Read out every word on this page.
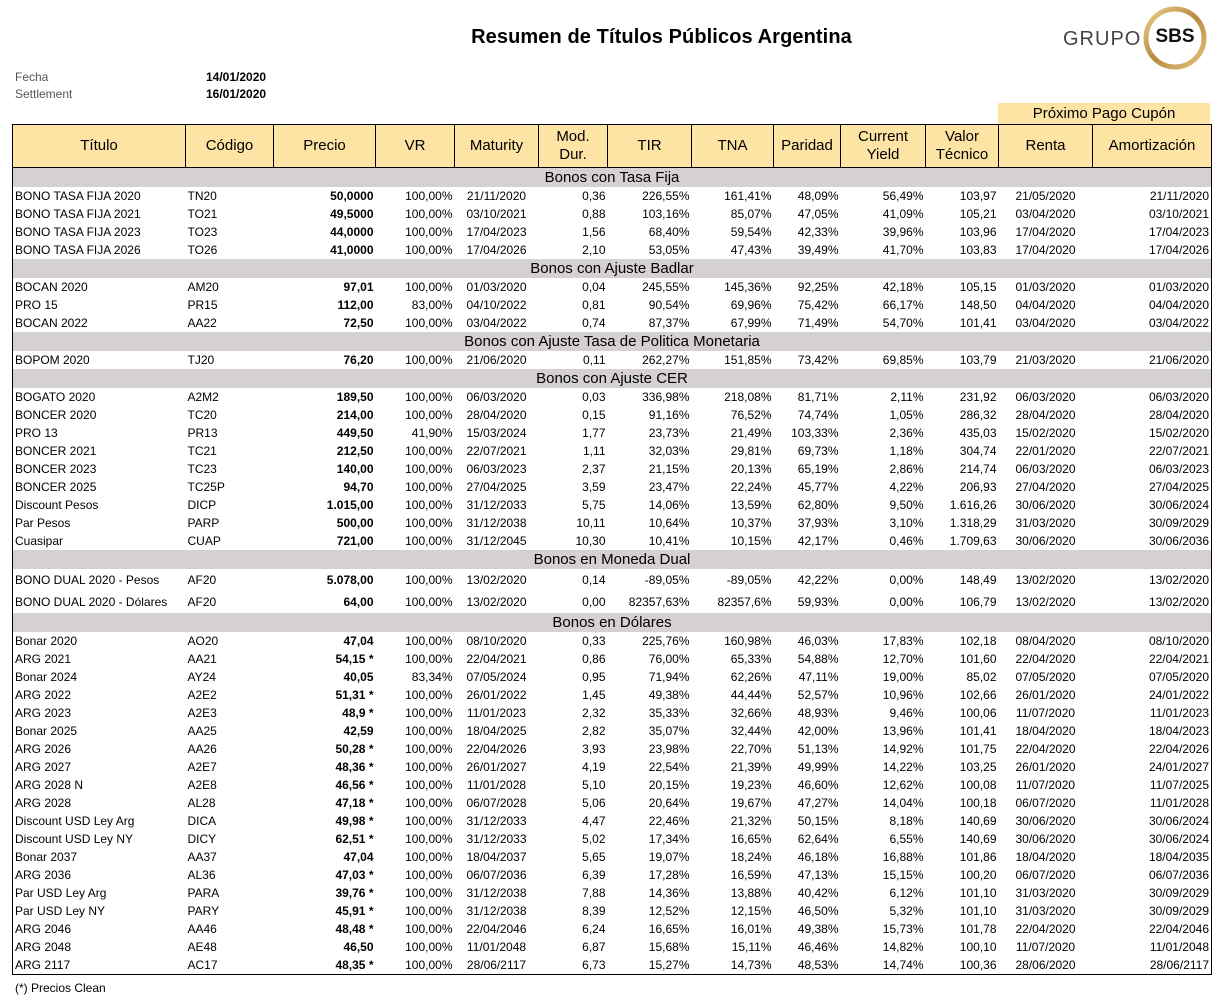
Resumen de Títulos Públicos Argentina	GRUPO SBS
Fecha	14/01/2020
Settlement	16/01/2020
Próximo Pago Cupón
Título	Código	Precio	VR	Maturity	Mod. Dur.	TIR	TNA	Paridad	Current Yield	Valor Técnico	Renta	Amortización
Bonos con Tasa Fija												
BONO TASA FIJA 2020	TN20	50,0000	100,00%	21/11/2020	0,36	226,55%	161,41%	48,09%	56,49%	103,97	21/05/2020	21/11/2020
BONO TASA FIJA 2021	TO21	49,5000	100,00%	03/10/2021	0,88	103,16%	85,07%	47,05%	41,09%	105,21	03/04/2020	03/10/2021
BONO TASA FIJA 2023	TO23	44,0000	100,00%	17/04/2023	1,56	68,40%	59,54%	42,33%	39,96%	103,96	17/04/2020	17/04/2023
BONO TASA FIJA 2026	TO26	41,0000	100,00%	17/04/2026	2,10	53,05%	47,43%	39,49%	41,70%	103,83	17/04/2020	17/04/2026
Bonos con Ajuste Badlar												
BOCAN 2020	AM20	97,01	100,00%	01/03/2020	0,04	245,55%	145,36%	92,25%	42,18%	105,15	01/03/2020	01/03/2020
PRO 15	PR15	112,00	83,00%	04/10/2022	0,81	90,54%	69,96%	75,42%	66,17%	148,50	04/04/2020	04/04/2020
BOCAN 2022	AA22	72,50	100,00%	03/04/2022	0,74	87,37%	67,99%	71,49%	54,70%	101,41	03/04/2020	03/04/2022
Bonos con Ajuste Tasa de Politica Monetaria												
BOPOM 2020	TJ20	76,20	100,00%	21/06/2020	0,11	262,27%	151,85%	73,42%	69,85%	103,79	21/03/2020	21/06/2020
Bonos con Ajuste CER												
BOGATO 2020	A2M2	189,50	100,00%	06/03/2020	0,03	336,98%	218,08%	81,71%	2,11%	231,92	06/03/2020	06/03/2020
BONCER 2020	TC20	214,00	100,00%	28/04/2020	0,15	91,16%	76,52%	74,74%	1,05%	286,32	28/04/2020	28/04/2020
PRO 13	PR13	449,50	41,90%	15/03/2024	1,77	23,73%	21,49%	103,33%	2,36%	435,03	15/02/2020	15/02/2020
BONCER 2021	TC21	212,50	100,00%	22/07/2021	1,11	32,03%	29,81%	69,73%	1,18%	304,74	22/01/2020	22/07/2021
BONCER 2023	TC23	140,00	100,00%	06/03/2023	2,37	21,15%	20,13%	65,19%	2,86%	214,74	06/03/2020	06/03/2023
BONCER 2025	TC25P	94,70	100,00%	27/04/2025	3,59	23,47%	22,24%	45,77%	4,22%	206,93	27/04/2020	27/04/2025
Discount Pesos	DICP	1.015,00	100,00%	31/12/2033	5,75	14,06%	13,59%	62,80%	9,50%	1.616,26	30/06/2020	30/06/2024
Par Pesos	PARP	500,00	100,00%	31/12/2038	10,11	10,64%	10,37%	37,93%	3,10%	1.318,29	31/03/2020	30/09/2029
Cuasipar	CUAP	721,00	100,00%	31/12/2045	10,30	10,41%	10,15%	42,17%	0,46%	1.709,63	30/06/2020	30/06/2036
Bonos en Moneda Dual												
BONO DUAL 2020 - Pesos	AF20	5.078,00	100,00%	13/02/2020	0,14	-89,05%	-89,05%	42,22%	0,00%	148,49	13/02/2020	13/02/2020
BONO DUAL 2020 - Dólares	AF20	64,00	100,00%	13/02/2020	0,00	82357,63%	82357,6%	59,93%	0,00%	106,79	13/02/2020	13/02/2020
Bonos en Dólares												
Bonar 2020	AO20	47,04	100,00%	08/10/2020	0,33	225,76%	160,98%	46,03%	17,83%	102,18	08/04/2020	08/10/2020
ARG 2021	AA21	54,15 *	100,00%	22/04/2021	0,86	76,00%	65,33%	54,88%	12,70%	101,60	22/04/2020	22/04/2021
Bonar 2024	AY24	40,05	83,34%	07/05/2024	0,95	71,94%	62,26%	47,11%	19,00%	85,02	07/05/2020	07/05/2020
ARG 2022	A2E2	51,31 *	100,00%	26/01/2022	1,45	49,38%	44,44%	52,57%	10,96%	102,66	26/01/2020	24/01/2022
ARG 2023	A2E3	48,9 *	100,00%	11/01/2023	2,32	35,33%	32,66%	48,93%	9,46%	100,06	11/07/2020	11/01/2023
Bonar 2025	AA25	42,59	100,00%	18/04/2025	2,82	35,07%	32,44%	42,00%	13,96%	101,41	18/04/2020	18/04/2023
ARG 2026	AA26	50,28 *	100,00%	22/04/2026	3,93	23,98%	22,70%	51,13%	14,92%	101,75	22/04/2020	22/04/2026
ARG 2027	A2E7	48,36 *	100,00%	26/01/2027	4,19	22,54%	21,39%	49,99%	14,22%	103,25	26/01/2020	24/01/2027
ARG 2028 N	A2E8	46,56 *	100,00%	11/01/2028	5,10	20,15%	19,23%	46,60%	12,62%	100,08	11/07/2020	11/07/2025
ARG 2028	AL28	47,18 *	100,00%	06/07/2028	5,06	20,64%	19,67%	47,27%	14,04%	100,18	06/07/2020	11/01/2028
Discount USD Ley Arg	DICA	49,98 *	100,00%	31/12/2033	4,47	22,46%	21,32%	50,15%	8,18%	140,69	30/06/2020	30/06/2024
Discount USD Ley NY	DICY	62,51 *	100,00%	31/12/2033	5,02	17,34%	16,65%	62,64%	6,55%	140,69	30/06/2020	30/06/2024
Bonar 2037	AA37	47,04	100,00%	18/04/2037	5,65	19,07%	18,24%	46,18%	16,88%	101,86	18/04/2020	18/04/2035
ARG 2036	AL36	47,03 *	100,00%	06/07/2036	6,39	17,28%	16,59%	47,13%	15,15%	100,20	06/07/2020	06/07/2036
Par USD Ley Arg	PARA	39,76 *	100,00%	31/12/2038	7,88	14,36%	13,88%	40,42%	6,12%	101,10	31/03/2020	30/09/2029
Par USD Ley NY	PARY	45,91 *	100,00%	31/12/2038	8,39	12,52%	12,15%	46,50%	5,32%	101,10	31/03/2020	30/09/2029
ARG 2046	AA46	48,48 *	100,00%	22/04/2046	6,24	16,65%	16,01%	49,38%	15,73%	101,78	22/04/2020	22/04/2046
ARG 2048	AE48	46,50	100,00%	11/01/2048	6,87	15,68%	15,11%	46,46%	14,82%	100,10	11/07/2020	11/01/2048
ARG 2117	AC17	48,35 *	100,00%	28/06/2117	6,73	15,27%	14,73%	48,53%	14,74%	100,36	28/06/2020	28/06/2117
(*) Precios Clean
